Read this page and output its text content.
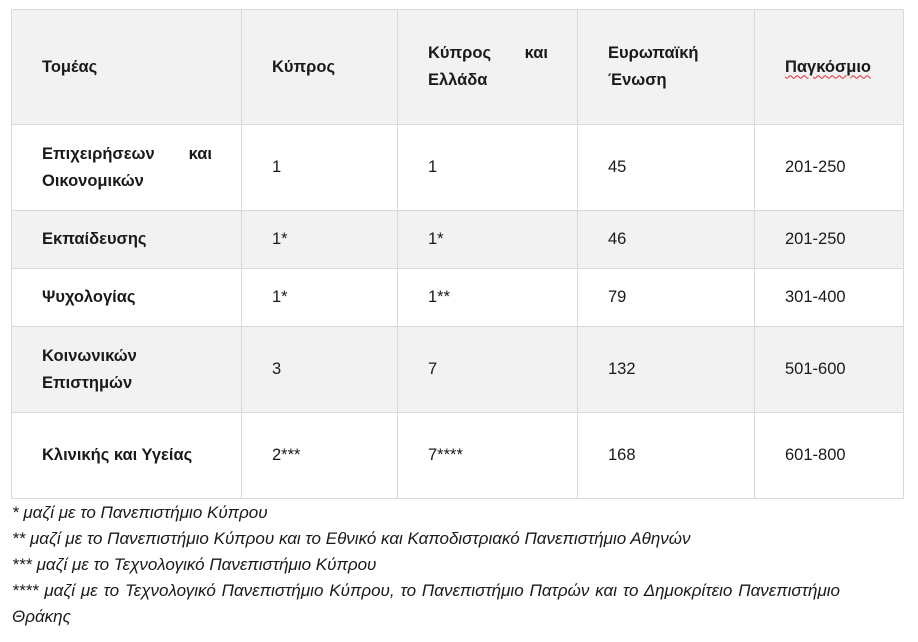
Τομέας	Κύπρος	Κύπρος και Ελλάδα	Ευρωπαϊκή Ένωση	Παγκόσμιο
Επιχειρήσεων και Οικονομικών	1	1	45	201-250
Εκπαίδευσης	1*	1*	46	201-250
Ψυχολογίας	1*	1**	79	301-400
Κοινωνικών Επιστημών	3	7	132	501-600
Κλινικής και Υγείας	2***	7****	168	601-800

* μαζί με το Πανεπιστήμιο Κύπρου

** μαζί με το Πανεπιστήμιο Κύπρου και το Εθνικό και Καποδιστριακό Πανεπιστήμιο Αθηνών

*** μαζί με το Τεχνολογικό Πανεπιστήμιο Κύπρου

**** μαζί με το Τεχνολογικό Πανεπιστήμιο Κύπρου, το Πανεπιστήμιο Πατρών και το Δημοκρίτειο Πανεπιστήμιο Θράκης
